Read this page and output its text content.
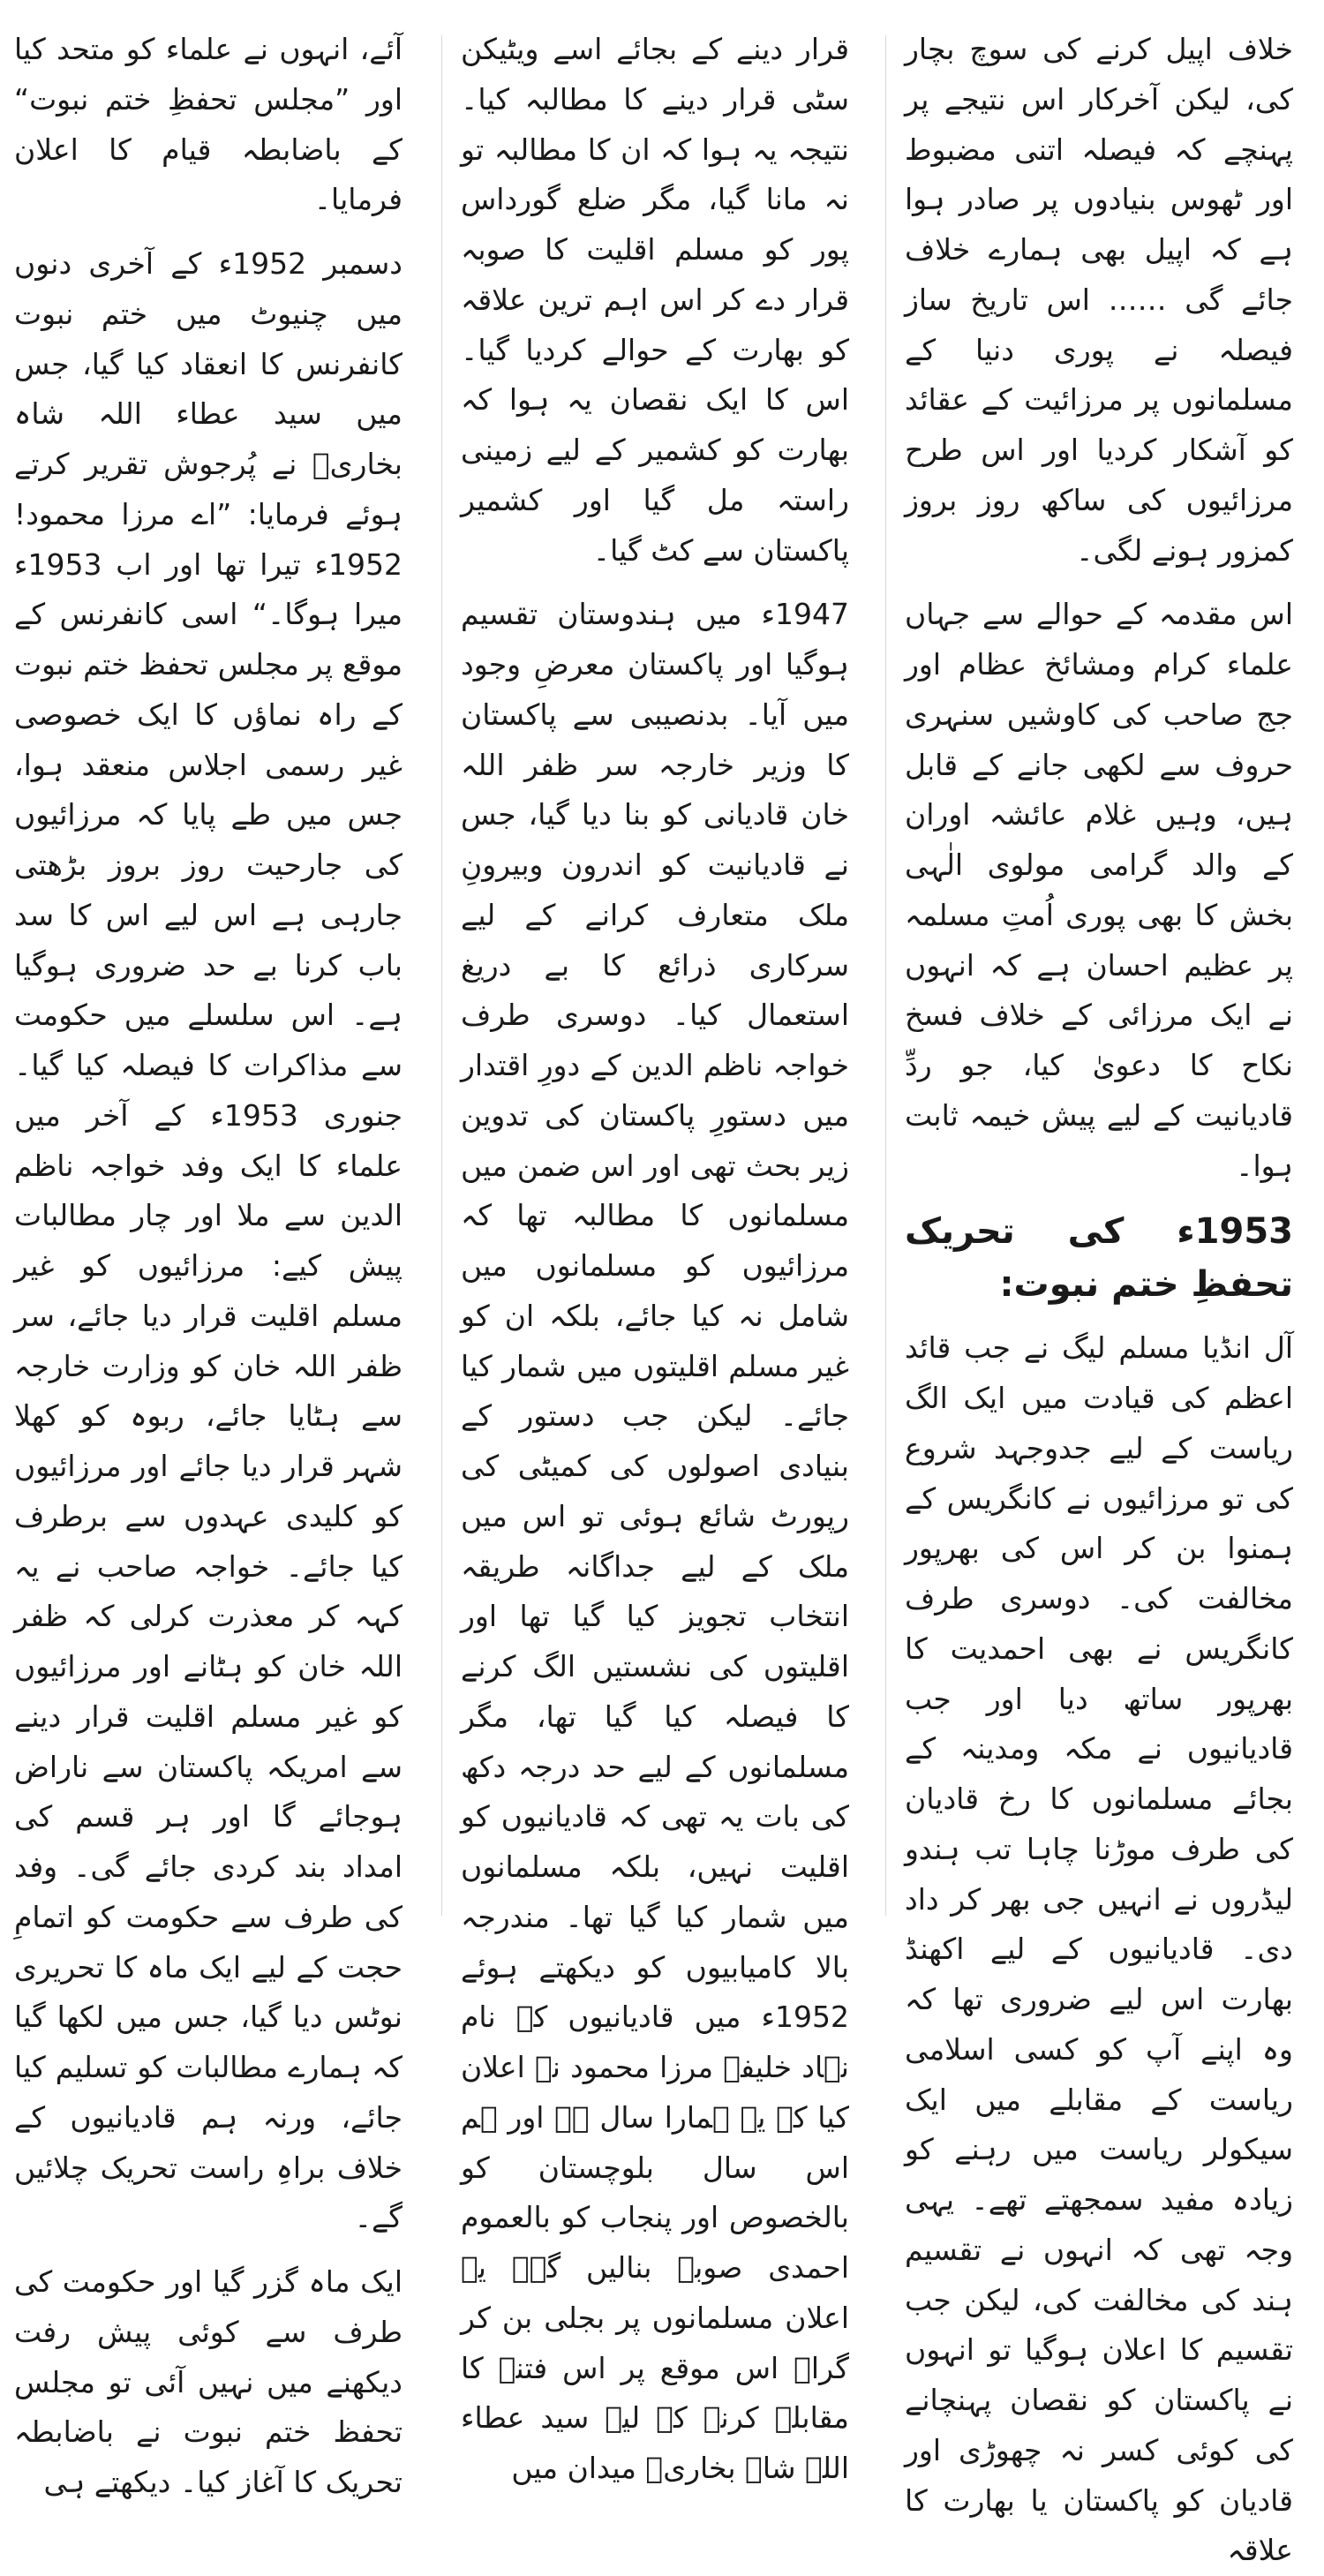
خلاف اپیل کرنے کی سوچ بچار کی، لیکن آخرکار اس نتیجے پر پہنچے کہ فیصلہ اتنی مضبوط اور ٹھوس بنیادوں پر صادر ہوا ہے کہ اپیل بھی ہمارے خلاف جائے گی …… اس تاریخ ساز فیصلہ نے پوری دنیا کے مسلمانوں پر مرزائیت کے عقائد کو آشکار کردیا اور اس طرح مرزائیوں کی ساکھ روز بروز کمزور ہونے لگی۔

اس مقدمہ کے حوالے سے جہاں علماء کرام ومشائخ عظام اور جج صاحب کی کاوشیں سنہری حروف سے لکھی جانے کے قابل ہیں، وہیں غلام عائشہ اوران کے والد گرامی مولوی الٰہی بخش کا بھی پوری اُمتِ مسلمہ پر عظیم احسان ہے کہ انہوں نے ایک مرزائی کے خلاف فسخ نکاح کا دعویٰ کیا، جو ردِّ قادیانیت کے لیے پیش خیمہ ثابت ہوا۔

1953ء کی تحریک تحفظِ ختم نبوت:

آل انڈیا مسلم لیگ نے جب قائد اعظم کی قیادت میں ایک الگ ریاست کے لیے جدوجہد شروع کی تو مرزائیوں نے کانگریس کے ہمنوا بن کر اس کی بھرپور مخالفت کی۔ دوسری طرف کانگریس نے بھی احمدیت کا بھرپور ساتھ دیا اور جب قادیانیوں نے مکہ ومدینہ کے بجائے مسلمانوں کا رخ قادیان کی طرف موڑنا چاہا تب ہندو لیڈروں نے انہیں جی بھر کر داد دی۔ قادیانیوں کے لیے اکھنڈ بھارت اس لیے ضروری تھا کہ وہ اپنے آپ کو کسی اسلامی ریاست کے مقابلے میں ایک سیکولر ریاست میں رہنے کو زیادہ مفید سمجھتے تھے۔ یہی وجہ تھی کہ انہوں نے تقسیم ہند کی مخالفت کی، لیکن جب تقسیم کا اعلان ہوگیا تو انہوں نے پاکستان کو نقصان پہنچانے کی کوئی کسر نہ چھوڑی اور قادیان کو پاکستان یا بھارت کا علاقہ

قرار دینے کے بجائے اسے ویٹیکن سٹی قرار دینے کا مطالبہ کیا۔ نتیجہ یہ ہوا کہ ان کا مطالبہ تو نہ مانا گیا، مگر ضلع گورداس پور کو مسلم اقلیت کا صوبہ قرار دے کر اس اہم ترین علاقہ کو بھارت کے حوالے کردیا گیا۔ اس کا ایک نقصان یہ ہوا کہ بھارت کو کشمیر کے لیے زمینی راستہ مل گیا اور کشمیر پاکستان سے کٹ گیا۔

1947ء میں ہندوستان تقسیم ہوگیا اور پاکستان معرضِ وجود میں آیا۔ بدنصیبی سے پاکستان کا وزیر خارجہ سر ظفر اللہ خان قادیانی کو بنا دیا گیا، جس نے قادیانیت کو اندرون وبیرونِ ملک متعارف کرانے کے لیے سرکاری ذرائع کا بے دریغ استعمال کیا۔ دوسری طرف خواجہ ناظم الدین کے دورِ اقتدار میں دستورِ پاکستان کی تدوین زیر بحث تھی اور اس ضمن میں مسلمانوں کا مطالبہ تھا کہ مرزائیوں کو مسلمانوں میں شامل نہ کیا جائے، بلکہ ان کو غیر مسلم اقلیتوں میں شمار کیا جائے۔ لیکن جب دستور کے بنیادی اصولوں کی کمیٹی کی رپورٹ شائع ہوئی تو اس میں ملک کے لیے جداگانہ طریقہ انتخاب تجویز کیا گیا تھا اور اقلیتوں کی نشستیں الگ کرنے کا فیصلہ کیا گیا تھا، مگر مسلمانوں کے لیے حد درجہ دکھ کی بات یہ تھی کہ قادیانیوں کو اقلیت نہیں، بلکہ مسلمانوں میں شمار کیا گیا تھا۔ مندرجہ بالا کامیابیوں کو دیکھتے ہوئے 1952ء میں قادیانیوں کے نام نہاد خلیفہ مرزا محمود نے اعلان کیا کہ یہ ہمارا سال ہے اور ہم اس سال بلوچستان کو بالخصوص اور پنجاب کو بالعموم احمدی صوبہ بنالیں گے۔ یہ اعلان مسلمانوں پر بجلی بن کر گرا۔ اس موقع پر اس فتنہ کا مقابلہ کرنے کے لیے سید عطاء اللہ شاہ بخاریؒ میدان میں

آئے، انہوں نے علماء کو متحد کیا اور ”مجلس تحفظِ ختم نبوت“ کے باضابطہ قیام کا اعلان فرمایا۔

دسمبر 1952ء کے آخری دنوں میں چنیوٹ میں ختم نبوت کانفرنس کا انعقاد کیا گیا، جس میں سید عطاء اللہ شاہ بخاریؒ نے پُرجوش تقریر کرتے ہوئے فرمایا: ”اے مرزا محمود! 1952ء تیرا تھا اور اب 1953ء میرا ہوگا۔“ اسی کانفرنس کے موقع پر مجلس تحفظ ختم نبوت کے راہ نماؤں کا ایک خصوصی غیر رسمی اجلاس منعقد ہوا، جس میں طے پایا کہ مرزائیوں کی جارحیت روز بروز بڑھتی جارہی ہے اس لیے اس کا سد باب کرنا بے حد ضروری ہوگیا ہے۔ اس سلسلے میں حکومت سے مذاکرات کا فیصلہ کیا گیا۔ جنوری 1953ء کے آخر میں علماء کا ایک وفد خواجہ ناظم الدین سے ملا اور چار مطالبات پیش کیے: مرزائیوں کو غیر مسلم اقلیت قرار دیا جائے، سر ظفر اللہ خان کو وزارت خارجہ سے ہٹایا جائے، ربوہ کو کھلا شہر قرار دیا جائے اور مرزائیوں کو کلیدی عہدوں سے برطرف کیا جائے۔ خواجہ صاحب نے یہ کہہ کر معذرت کرلی کہ ظفر اللہ خان کو ہٹانے اور مرزائیوں کو غیر مسلم اقلیت قرار دینے سے امریکہ پاکستان سے ناراض ہوجائے گا اور ہر قسم کی امداد بند کردی جائے گی۔ وفد کی طرف سے حکومت کو اتمامِ حجت کے لیے ایک ماہ کا تحریری نوٹس دیا گیا، جس میں لکھا گیا کہ ہمارے مطالبات کو تسلیم کیا جائے، ورنہ ہم قادیانیوں کے خلاف براہِ راست تحریک چلائیں گے۔

ایک ماہ گزر گیا اور حکومت کی طرف سے کوئی پیش رفت دیکھنے میں نہیں آئی تو مجلس تحفظ ختم نبوت نے باضابطہ تحریک کا آغاز کیا۔ دیکھتے ہی
